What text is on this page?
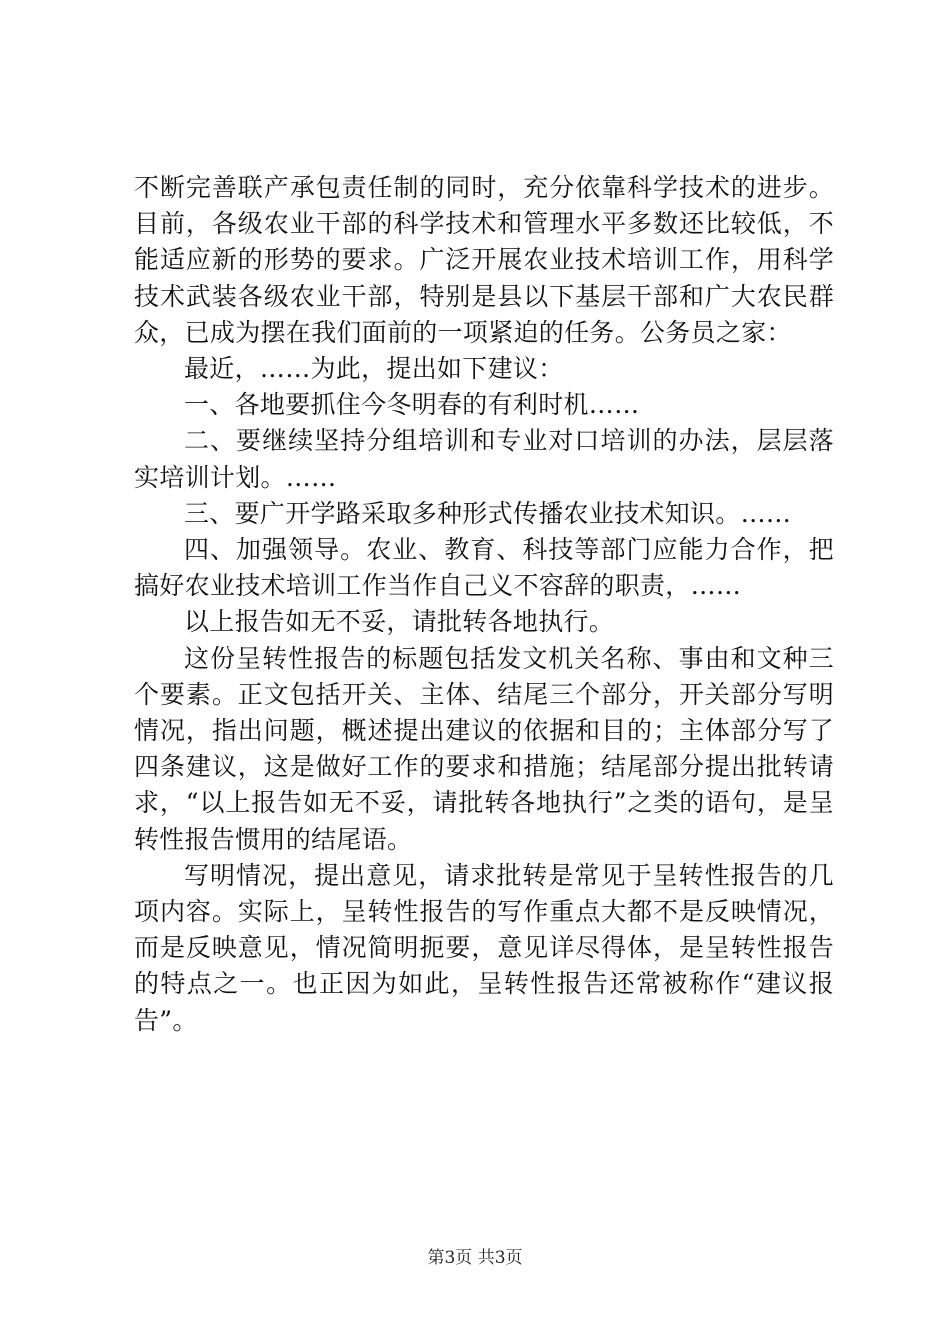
不断完善联产承包责任制的同时，充分依靠科学技术的进步。目前，各级农业干部的科学技术和管理水平多数还比较低，不能适应新的形势的要求。广泛开展农业技术培训工作，用科学技术武装各级农业干部，特别是县以下基层干部和广大农民群众，已成为摆在我们面前的一项紧迫的任务。公务员之家：

最近，……为此，提出如下建议：

一、各地要抓住今冬明春的有利时机……

二、要继续坚持分组培训和专业对口培训的办法，层层落实培训计划。……

三、要广开学路采取多种形式传播农业技术知识。……

四、加强领导。农业、教育、科技等部门应能力合作，把搞好农业技术培训工作当作自己义不容辞的职责，……

以上报告如无不妥，请批转各地执行。

这份呈转性报告的标题包括发文机关名称、事由和文种三个要素。正文包括开关、主体、结尾三个部分，开关部分写明情况，指出问题，概述提出建议的依据和目的；主体部分写了四条建议，这是做好工作的要求和措施；结尾部分提出批转请求，“以上报告如无不妥，请批转各地执行”之类的语句，是呈转性报告惯用的结尾语。

写明情况，提出意见，请求批转是常见于呈转性报告的几项内容。实际上，呈转性报告的写作重点大都不是反映情况，而是反映意见，情况简明扼要，意见详尽得体，是呈转性报告的特点之一。也正因为如此，呈转性报告还常被称作“建议报告”。

第3页 共3页
